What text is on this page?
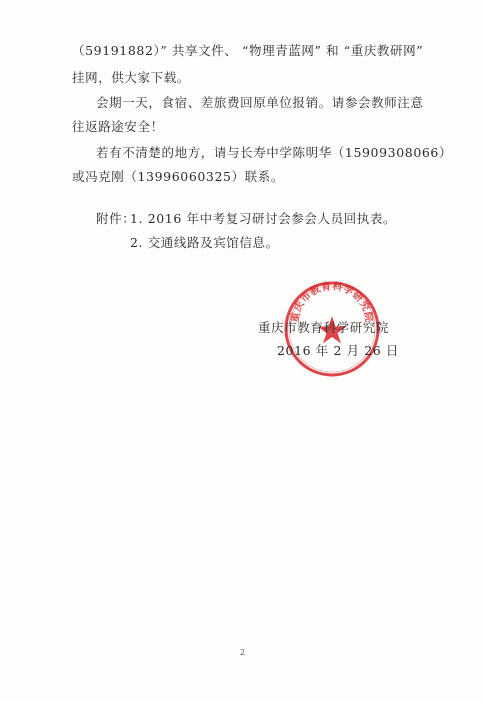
（59191882）” 共享文件、 “物理青蓝网” 和 “重庆教研网”
挂网，供大家下载。
会期一天，食宿、差旅费回原单位报销。请参会教师注意
往返路途安全！
若有不清楚的地方，请与长寿中学陈明华（15909308066）
或冯克刚（13996060325）联系。
附件：
1. 2016 年中考复习研讨会参会人员回执表。
2. 交通线路及宾馆信息。
重庆市教育科学研究院
重庆市教育科学研究院
2016 年 2 月 26 日
2
